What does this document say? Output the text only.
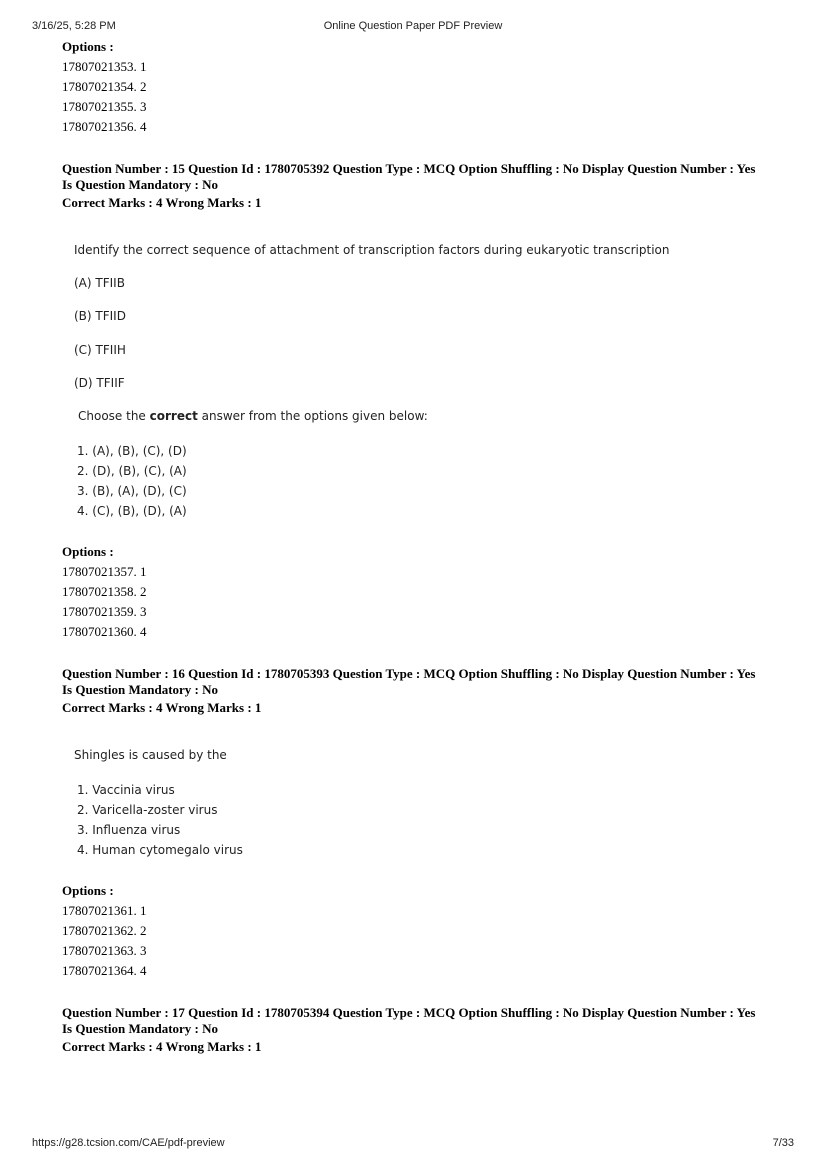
3/16/25, 5:28 PM	Online Question Paper PDF Preview
https://g28.tcsion.com/CAE/pdf-preview	7/33
Options :
17807021353. 1
17807021354. 2
17807021355. 3
17807021356. 4
Question Number : 15 Question Id : 1780705392 Question Type : MCQ Option Shuffling : No Display Question Number : Yes
Is Question Mandatory : No
Correct Marks : 4 Wrong Marks : 1
Identify the correct sequence of attachment of transcription factors during eukaryotic transcription
(A) TFIIB
(B) TFIID
(C) TFIIH
(D) TFIIF
Choose the correct answer from the options given below:
1. (A), (B), (C), (D)
2. (D), (B), (C), (A)
3. (B), (A), (D), (C)
4. (C), (B), (D), (A)
Options :
17807021357. 1
17807021358. 2
17807021359. 3
17807021360. 4
Question Number : 16 Question Id : 1780705393 Question Type : MCQ Option Shuffling : No Display Question Number : Yes
Is Question Mandatory : No
Correct Marks : 4 Wrong Marks : 1
Shingles is caused by the
1. Vaccinia virus
2. Varicella-zoster virus
3. Influenza virus
4. Human cytomegalo virus
Options :
17807021361. 1
17807021362. 2
17807021363. 3
17807021364. 4
Question Number : 17 Question Id : 1780705394 Question Type : MCQ Option Shuffling : No Display Question Number : Yes
Is Question Mandatory : No
Correct Marks : 4 Wrong Marks : 1
